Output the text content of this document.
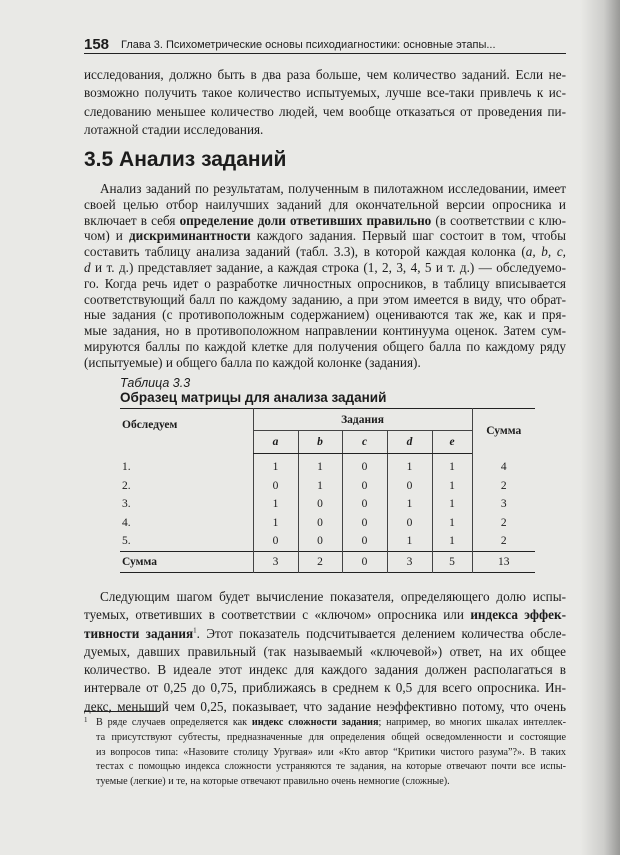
158 Глава 3. Психометрические основы психодиагностики: основные этапы...
исследования, должно быть в два раза больше, чем количество заданий. Если не-
возможно получить такое количество испытуемых, лучше все-таки привлечь к ис-
следованию меньшее количество людей, чем вообще отказаться от проведения пи-
лотажной стадии исследования.
3.5 Анализ заданий
Анализ заданий по результатам, полученным в пилотажном исследовании, имеет
своей целью отбор наилучших заданий для окончательной версии опросника и
включает в себя определение доли ответивших правильно (в соответствии с клю-
чом) и дискриминантности каждого задания. Первый шаг состоит в том, чтобы
составить таблицу анализа заданий (табл. 3.3), в которой каждая колонка (a, b, c,
d и т. д.) представляет задание, а каждая строка (1, 2, 3, 4, 5 и т. д.) — обследуемо-
го. Когда речь идет о разработке личностных опросников, в таблицу вписывается
соответствующий балл по каждому заданию, а при этом имеется в виду, что обрат-
ные задания (с противоположным содержанием) оцениваются так же, как и пря-
мые задания, но в противоположном направлении континуума оценок. Затем сум-
мируются баллы по каждой клетке для получения общего балла по каждому ряду
(испытуемые) и общего балла по каждой колонке (задания).
Таблица 3.3
Образец матрицы для анализа заданий
Обследуем	Задания					Сумма
	a	b	c	d	e	
1.	1	1	0	1	1	4
2.	0	1	0	0	1	2
3.	1	0	0	1	1	3
4.	1	0	0	0	1	2
5.	0	0	0	1	1	2
Сумма	3	2	0	3	5	13
Следующим шагом будет вычисление показателя, определяющего долю испы-
туемых, ответивших в соответствии с «ключом» опросника или индекса эффек-
тивности задания$^1$. Этот показатель подсчитывается делением количества обсле-
дуемых, давших правильный (так называемый «ключевой») ответ, на их общее
количество. В идеале этот индекс для каждого задания должен располагаться в
интервале от 0,25 до 0,75, приближаясь в среднем к 0,5 для всего опросника. Ин-
декс, меньший чем 0,25, показывает, что задание неэффективно потому, что очень
1 В ряде случаев определяется как индекс сложности задания; например, во многих шкалах интеллек-
та присутствуют субтесты, предназначенные для определения общей осведомленности и состоящие
из вопросов типа: «Назовите столицу Уругвая» или «Кто автор “Критики чистого разума”?». В таких
тестах с помощью индекса сложности устраняются те задания, на которые отвечают почти все испы-
туемые (легкие) и те, на которые отвечают правильно очень немногие (сложные).
